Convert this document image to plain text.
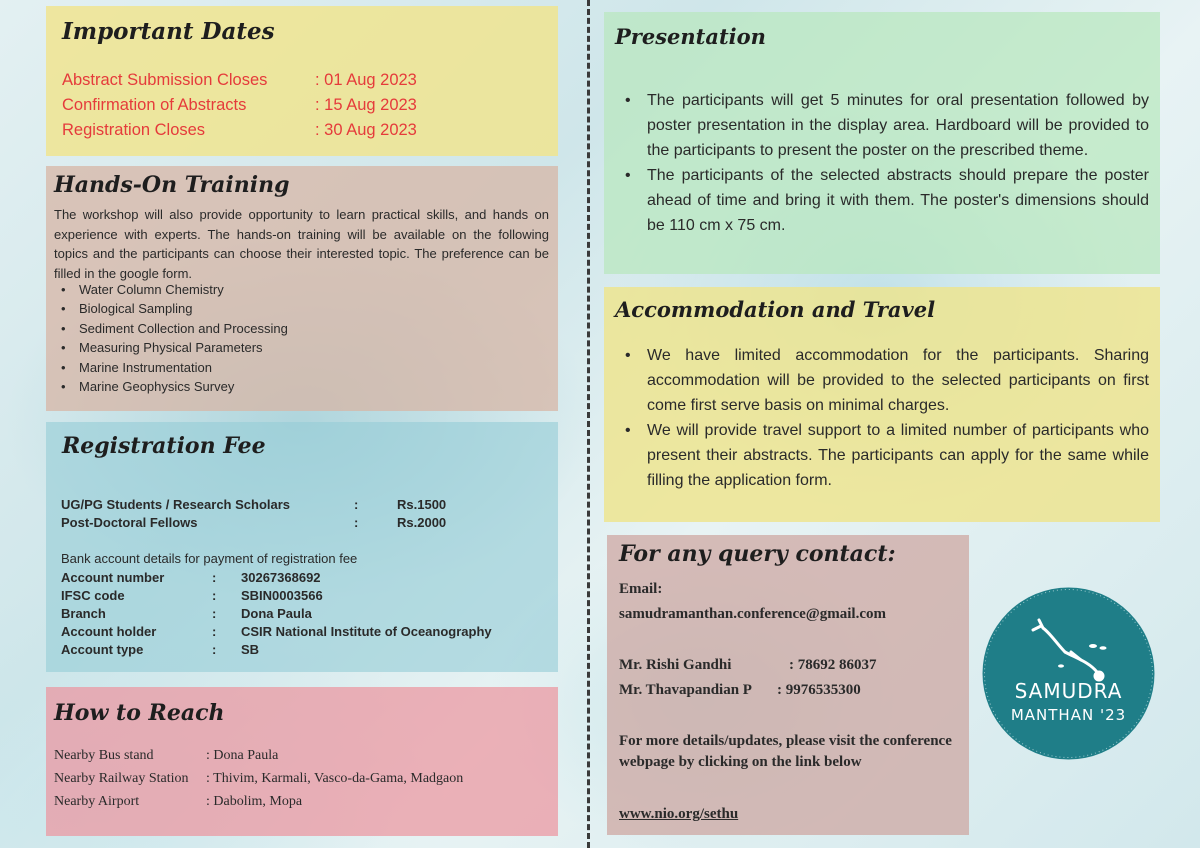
Important Dates
Abstract Submission Closes	: 01 Aug 2023
Confirmation of Abstracts	: 15 Aug 2023
Registration Closes	: 30 Aug 2023
Hands-On Training

The workshop will also provide opportunity to learn practical skills, and hands on experience with experts. The hands-on training will be available on the following topics and the participants can choose their interested topic. The preference can be filled in the google form.

• Water Column Chemistry
• Biological Sampling
• Sediment Collection and Processing
• Measuring Physical Parameters
• Marine Instrumentation
• Marine Geophysics Survey
Registration Fee
UG/PG Students / Research Scholars	:	Rs.1500
Post-Doctoral Fellows	:	Rs.2000
Bank account details for payment of registration fee
Account number	: 30267368692
IFSC code	: SBIN0003566
Branch	: Dona Paula
Account holder	: CSIR National Institute of Oceanography
Account type	: SB
How to Reach
Nearby Bus stand	: Dona Paula
Nearby Railway Station : Thivim, Karmali, Vasco-da-Gama, Madgaon
Nearby Airport	: Dabolim, Mopa
Presentation
• The participants will get 5 minutes for oral presentation followed by poster presentation in the display area. Hardboard will be provided to the participants to present the poster on the prescribed theme.
• The participants of the selected abstracts should prepare the poster ahead of time and bring it with them. The poster's dimensions should be 110 cm x 75 cm.
Accommodation and Travel
• We have limited accommodation for the participants. Sharing accommodation will be provided to the selected participants on first come first serve basis on minimal charges.
• We will provide travel support to a limited number of participants who present their abstracts. The participants can apply for the same while filling the application form.
For any query contact:
Email:
samudramanthan.conference@gmail.com
Mr. Rishi Gandhi	: 78692 86037
Mr. Thavapandian P : 9976535300
For more details/updates, please visit the conference webpage by clicking on the link below
www.nio.org/sethu
SAMUDRA
MANTHAN '23
